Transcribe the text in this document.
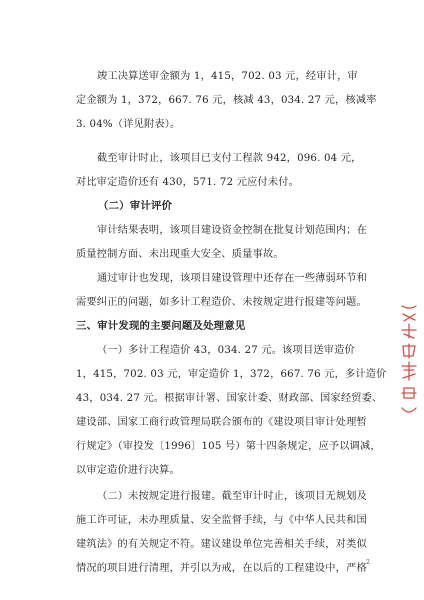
竣工决算送审金额为 1，415，702. 03 元，经审计，审
定金额为 1，372，667. 76 元，核减 43，034. 27 元，核减率
3. 04%（详见附表）。
截至审计时止，该项目已支付工程款 942，096. 04 元，
对比审定造价还有 430，571. 72 元应付未付。
（二）审计评价
审计结果表明，该项目建设资金控制在批复计划范围内；在
质量控制方面、未出现重大安全、质量事故。
通过审计也发现，该项目建设管理中还存在一些薄弱环节和
需要纠正的问题，如多计工程造价、未按规定进行报建等问题。
三、审计发现的主要问题及处理意见
（一）多计工程造价 43，034. 27 元。该项目送审造价
1，415，702. 03 元，审定造价 1，372，667. 76 元，多计造价
43，034. 27 元。根据审计署、国家计委、财政部、国家经贸委、
建设部、国家工商行政管理局联合颁布的《建设项目审计处理暂
行规定》（审投发〔1996〕105 号）第十四条规定，应予以调减，
以审定造价进行决算。
（二）未按规定进行报建。截至审计时止，该项目无规划及
施工许可证，未办理质量、安全监督手续，与《中华人民共和国
建筑法》的有关规定不符。建议建设单位完善相关手续，对类似
情况的项目进行清理，并引以为戒，在以后的工程建设中，严格
2
